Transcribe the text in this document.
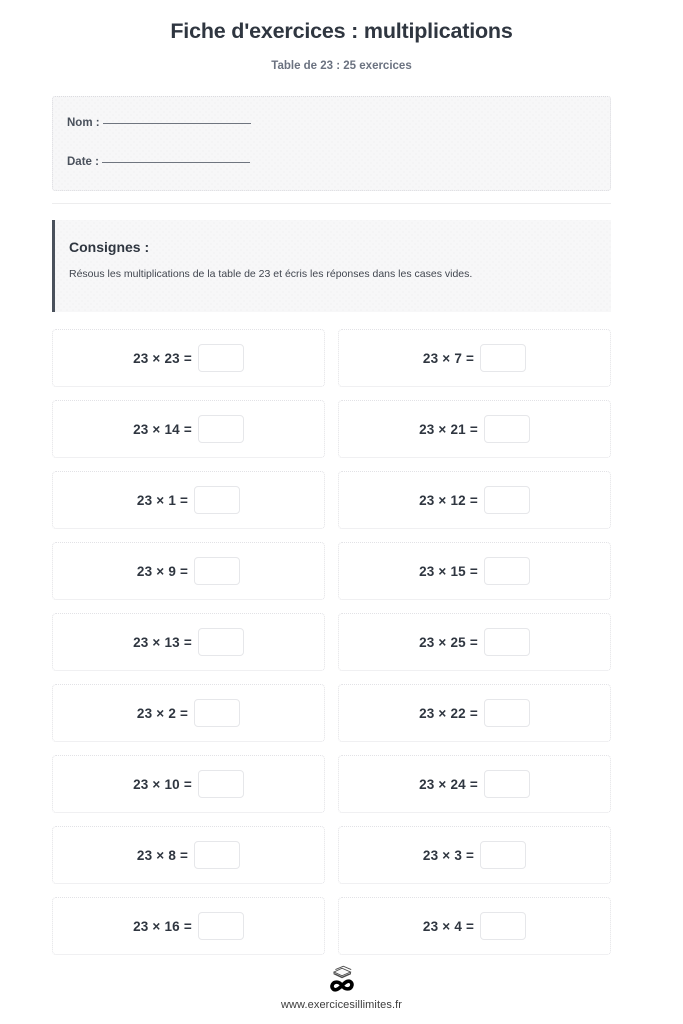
Fiche d'exercices : multiplications

Table de 23 : 25 exercices

Nom :
Date :
Consignes :

Résous les multiplications de la table de 23 et écris les réponses dans les cases vides.

23 × 23 =	23 × 7 =
23 × 14 =	23 × 21 =
23 × 1 =	23 × 12 =
23 × 9 =	23 × 15 =
23 × 13 =	23 × 25 =
23 × 2 =	23 × 22 =
23 × 10 =	23 × 24 =
23 × 8 =	23 × 3 =
23 × 16 =	23 × 4 =

www.exercicesillimites.fr
